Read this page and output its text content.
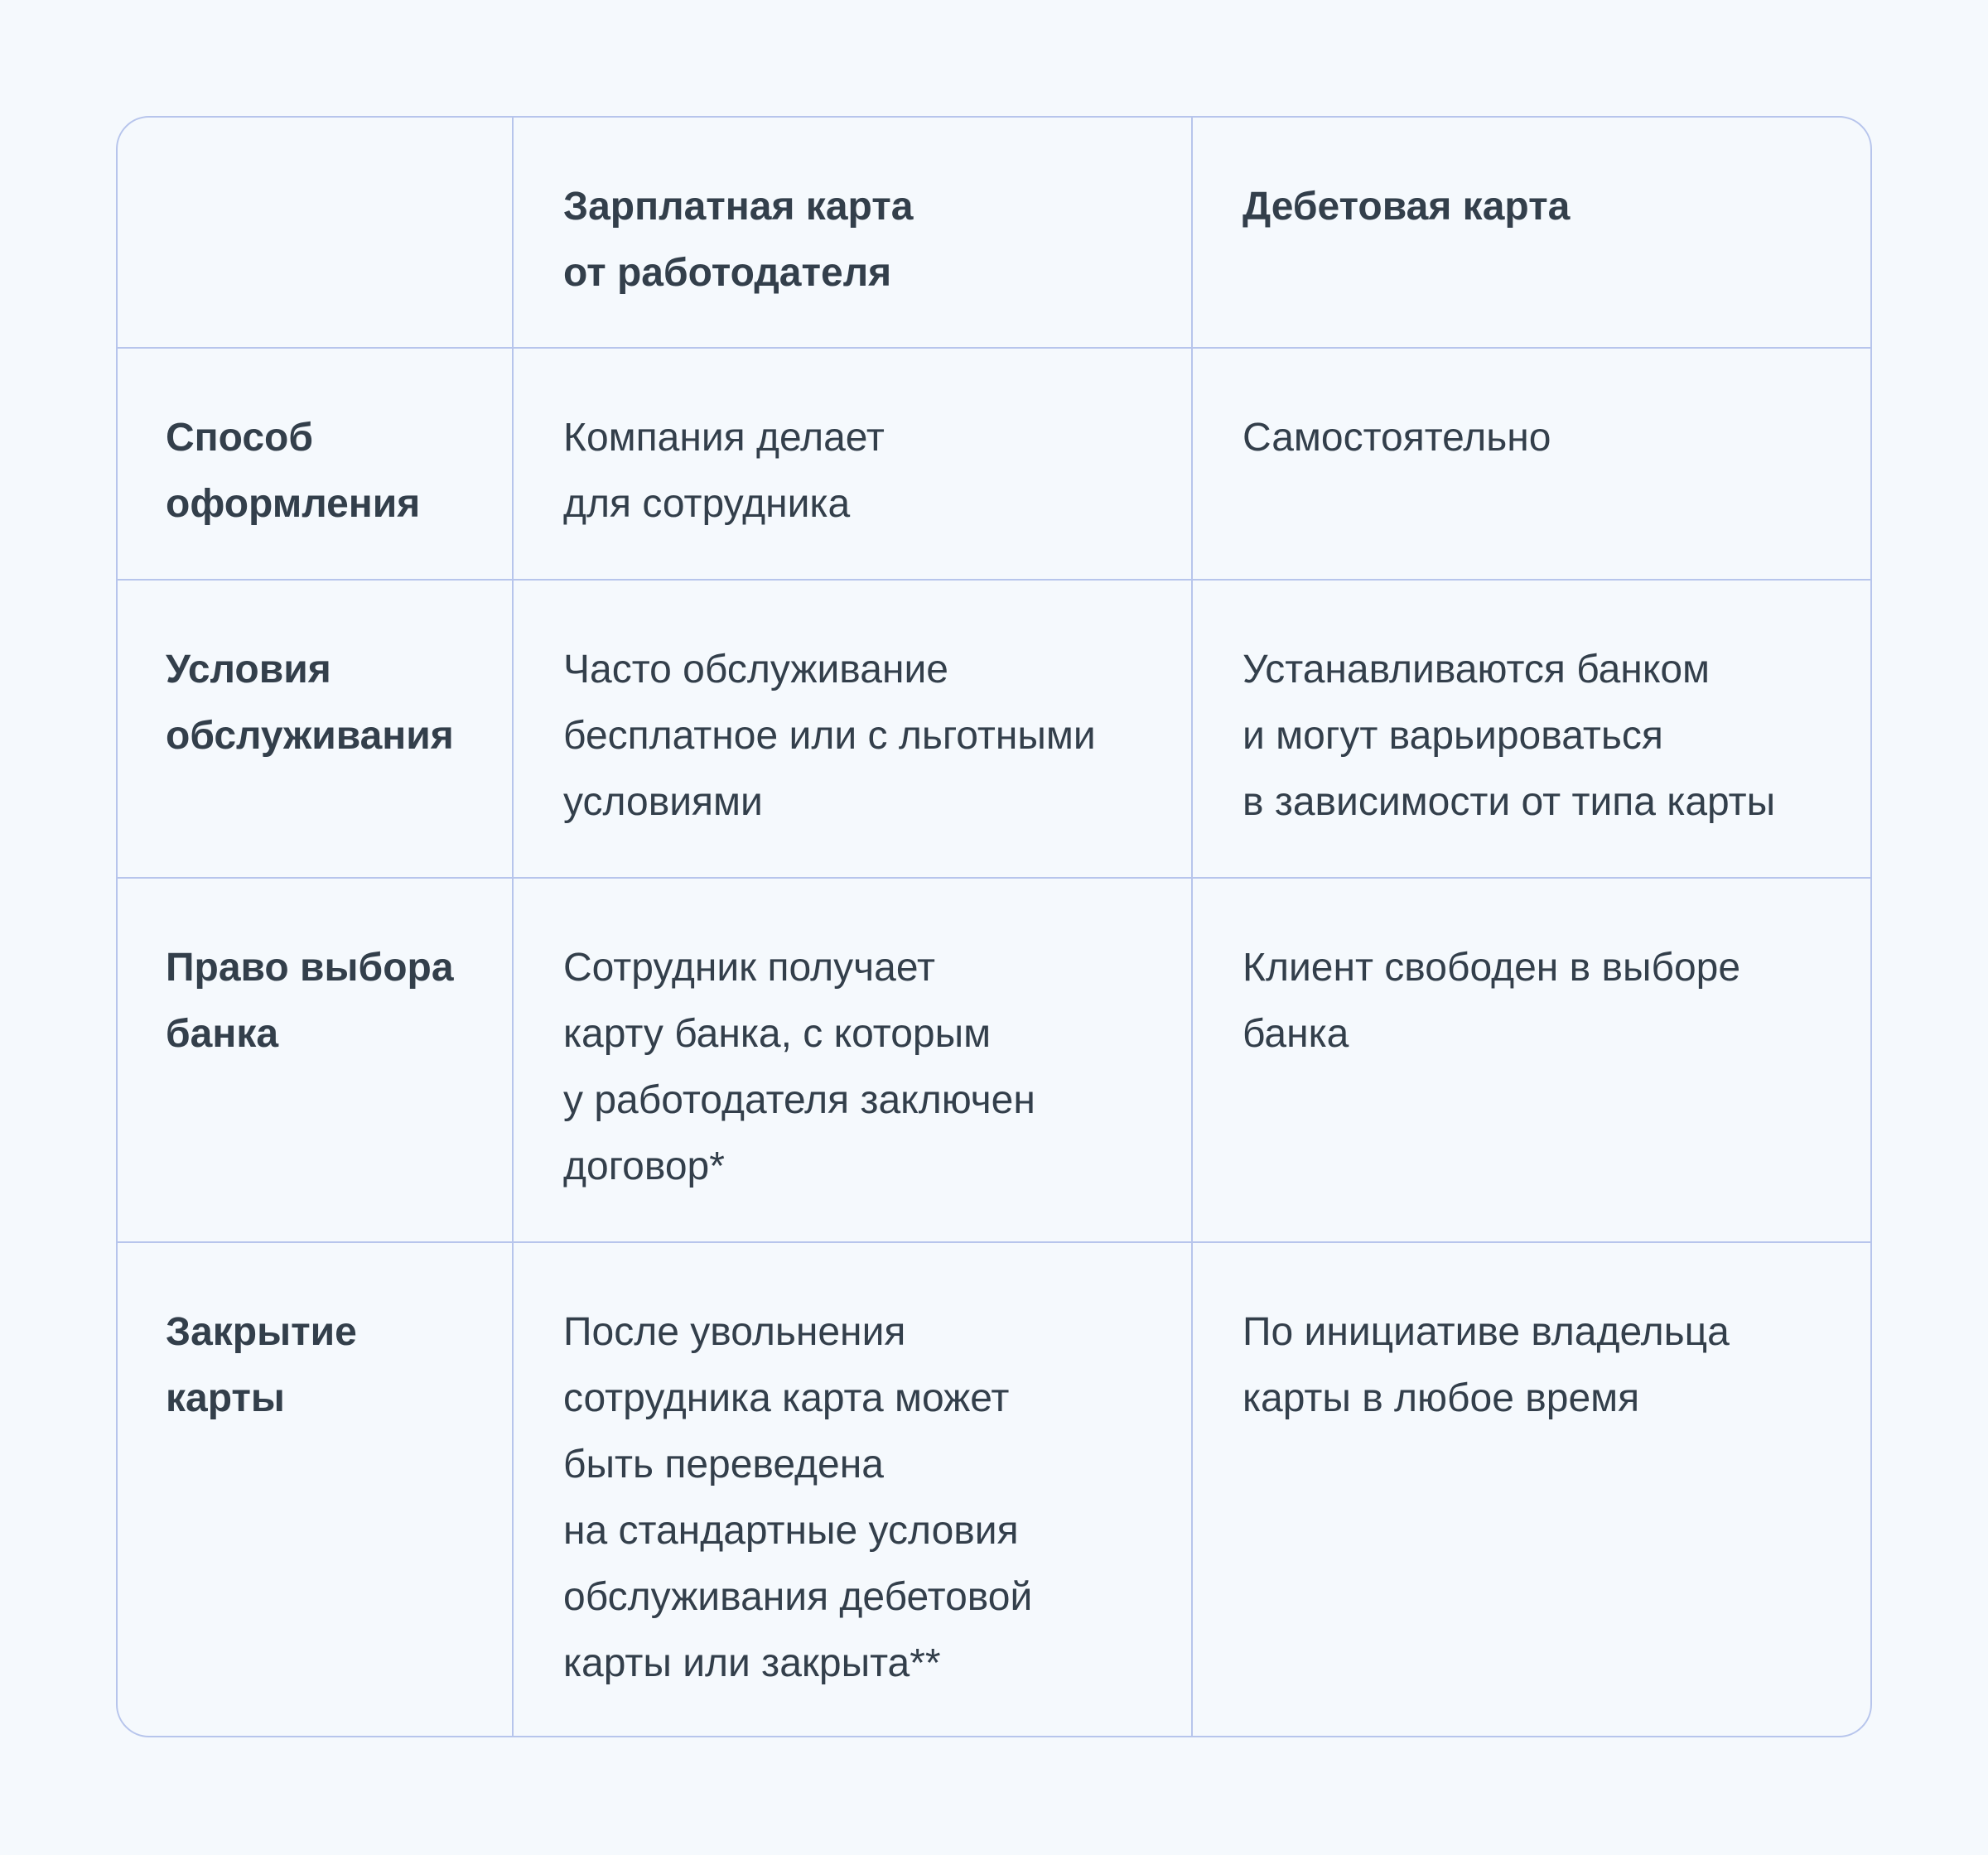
Зарплатная карта
от работодателя
Дебетовая карта
Способ
оформления
Компания делает
для сотрудника
Самостоятельно
Условия
обслуживания
Часто обслуживание
бесплатное или с льготными
условиями
Устанавливаются банком
и могут варьироваться
в зависимости от типа карты
Право выбора
банка
Сотрудник получает
карту банка, с которым
у работодателя заключен
договор*
Клиент свободен в выборе
банка
Закрытие
карты
После увольнения
сотрудника карта может
быть переведена
на стандартные условия
обслуживания дебетовой
карты или закрыта**
По инициативе владельца
карты в любое время
